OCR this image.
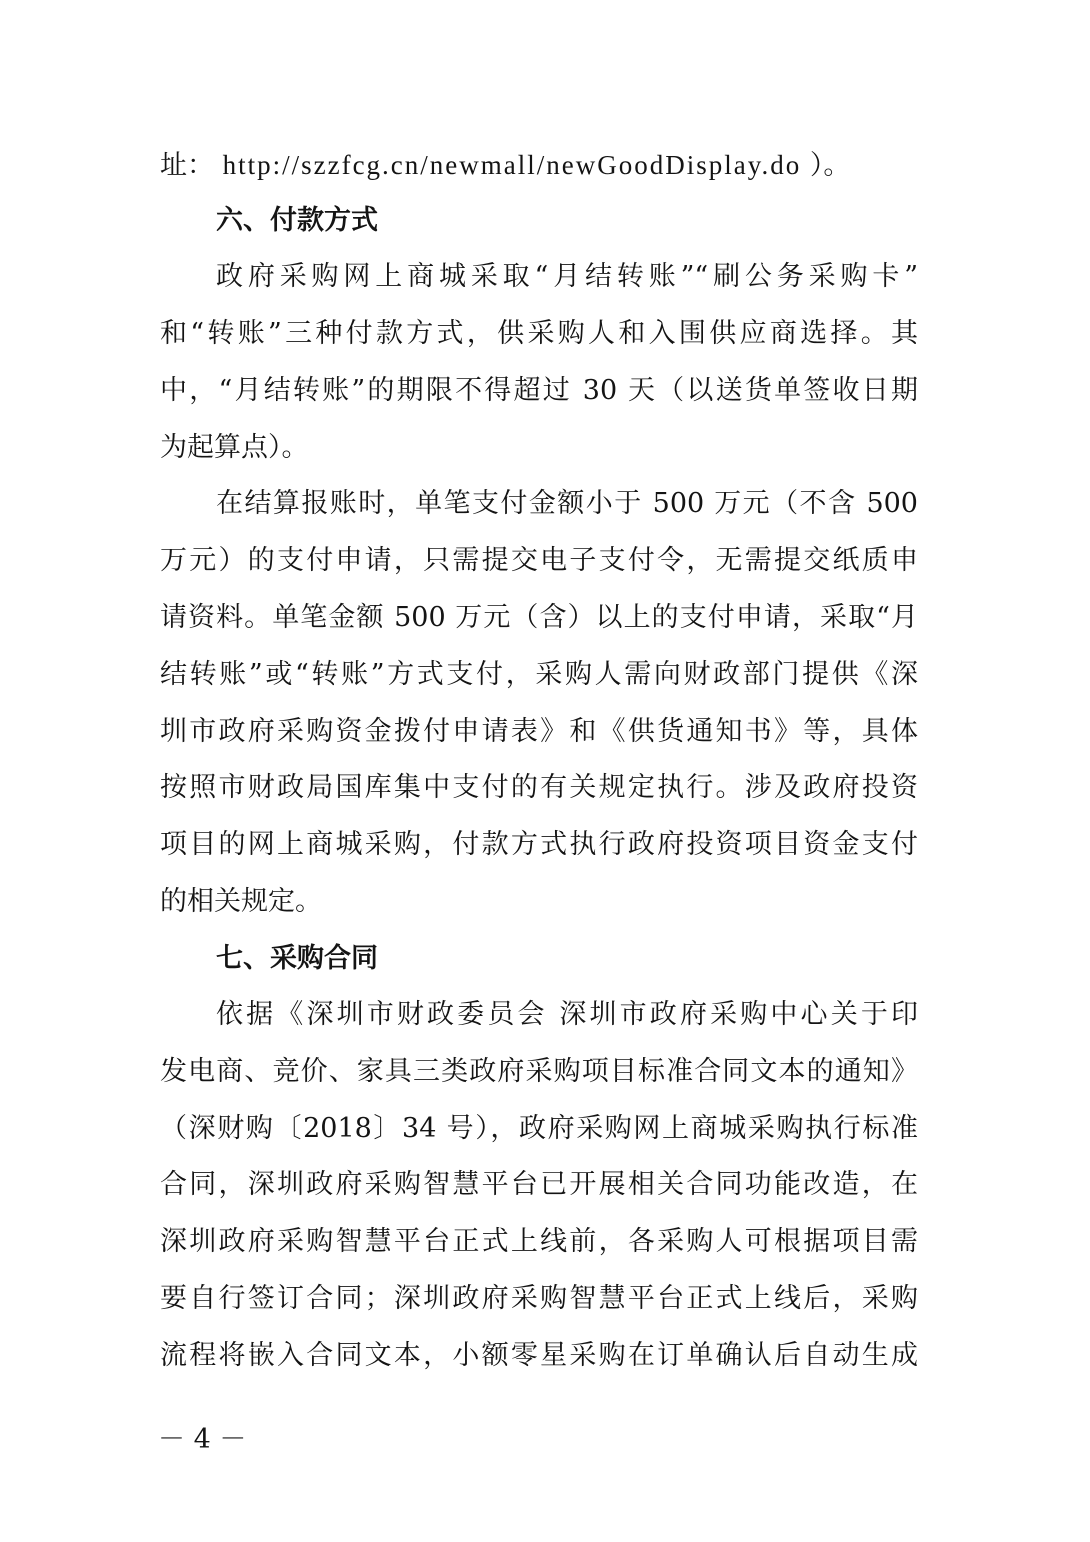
址： http://szzfcg.cn/newmall/newGoodDisplay.do ）。
六、付款方式
政府采购网上商城采取“月结转账”“刷公务采购卡”
和“转账”三种付款方式，供采购人和入围供应商选择。其
中，“月结转账”的期限不得超过 30 天（以送货单签收日期
为起算点）。
在结算报账时，单笔支付金额小于 500 万元（不含 500
万元）的支付申请，只需提交电子支付令，无需提交纸质申
请资料。单笔金额 500 万元（含）以上的支付申请，采取“月
结转账”或“转账”方式支付，采购人需向财政部门提供《深
圳市政府采购资金拨付申请表》和《供货通知书》等，具体
按照市财政局国库集中支付的有关规定执行。涉及政府投资
项目的网上商城采购，付款方式执行政府投资项目资金支付
的相关规定。
七、采购合同
依据《深圳市财政委员会 深圳市政府采购中心关于印
发电商、竞价、家具三类政府采购项目标准合同文本的通知》
（深财购〔2018〕34 号），政府采购网上商城采购执行标准
合同，深圳政府采购智慧平台已开展相关合同功能改造，在
深圳政府采购智慧平台正式上线前，各采购人可根据项目需
要自行签订合同；深圳政府采购智慧平台正式上线后，采购
流程将嵌入合同文本，小额零星采购在订单确认后自动生成
－ 4 －
